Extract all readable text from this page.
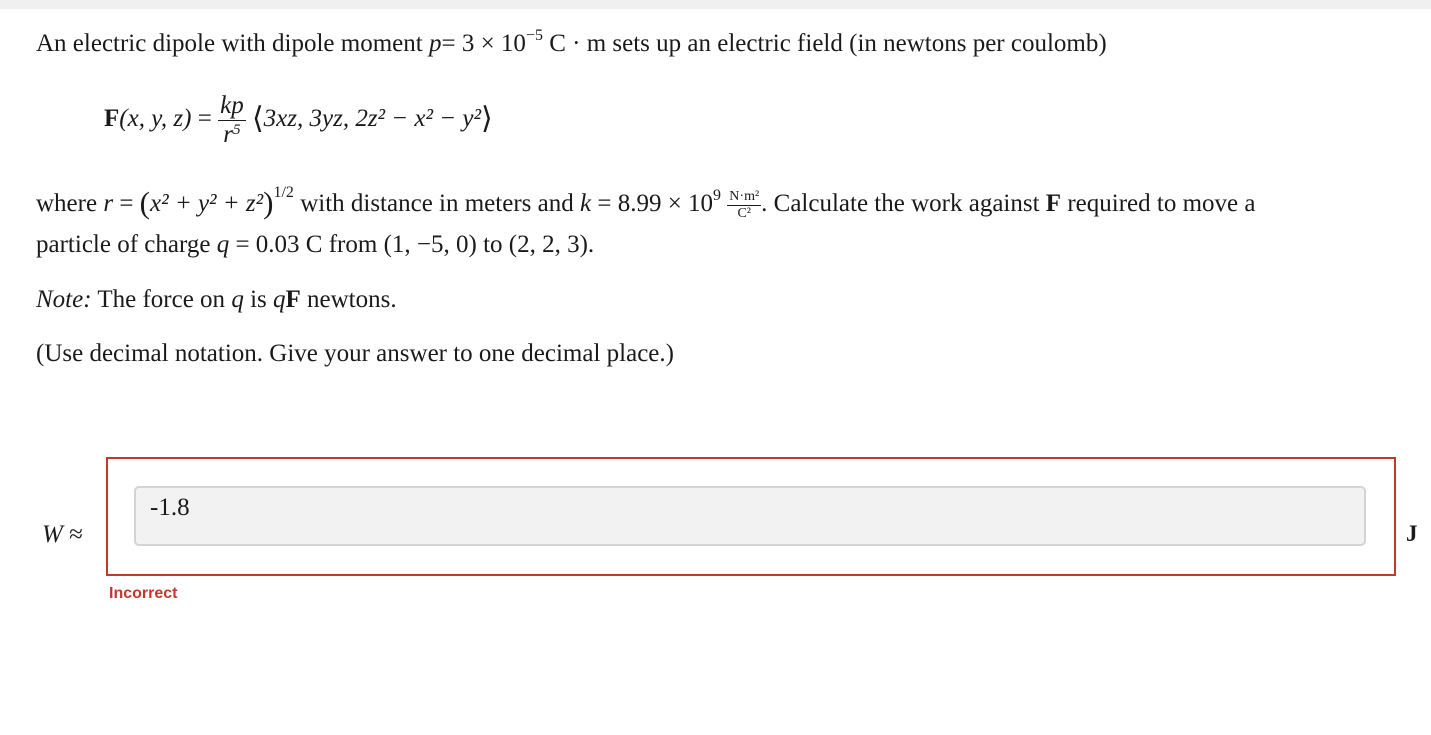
An electric dipole with dipole moment $p= 3 \times 10^{-5}$ C · m sets up an electric field (in newtons per coulomb)
F(x, y, $z) = \frac{kp}{r^5}$ ⟨3xz, 3yz, 2z² − x² − y²⟩
where $r = (x^2 + y^2 + z^2)^{1/2}$ with distance in meters and $k = 8.99 \times 10^9 \frac{\text{N·m²}}{\text{C²}}$ . Calculate the work against F required to move a
particle of charge q = 0.03 C from (1, −5, 0) to (2, 2, 3).
Note: The force on q is qF newtons.
(Use decimal notation. Give your answer to one decimal place.)
W ≈
-1.8	J
Incorrect
